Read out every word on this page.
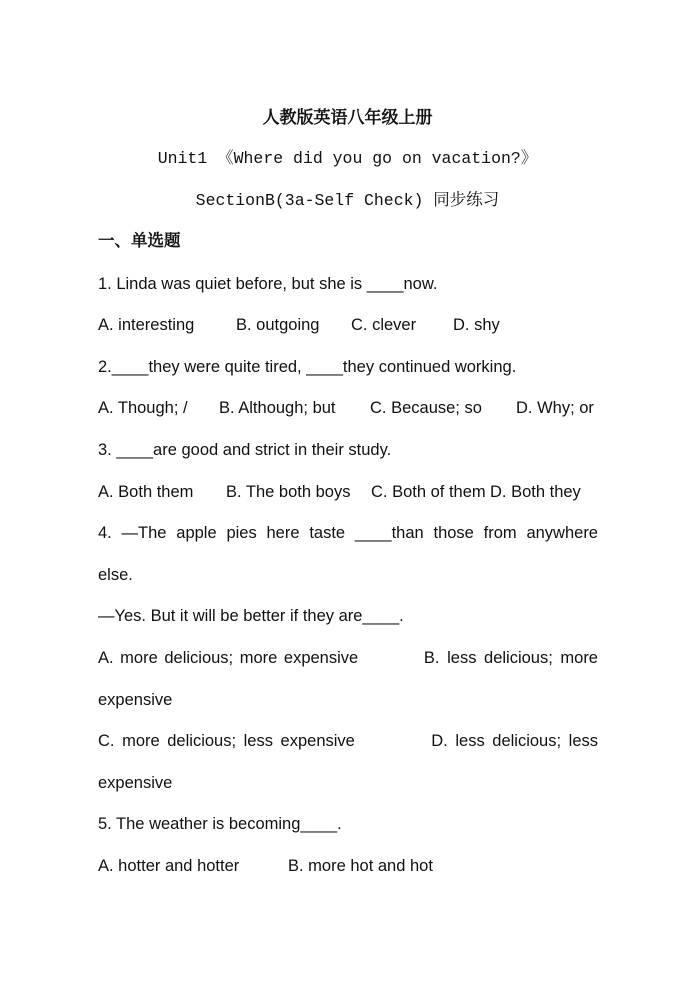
人教版英语八年级上册
Unit1 《Where did you go on vacation?》
SectionB(3a-Self Check) 同步练习
一、单选题
1. Linda was quiet before, but she is ____now.
A. interesting	B. outgoing C. clever D. shy
2.____they were quite tired, ____they continued working.
A. Though; / B. Although; but C. Because; so D. Why; or
3. ____are good and strict in their study.
A. Both them B. The both boys C. Both of them D. Both they
4. —The apple pies here taste ____than those from anywhere
else.
—Yes. But it will be better if they are____.
A. more delicious; more expensive	B. less delicious; more
expensive
C. more delicious; less expensive	D. less delicious; less
expensive
5. The weather is becoming____.
A. hotter and hotter	B. more hot and hot
